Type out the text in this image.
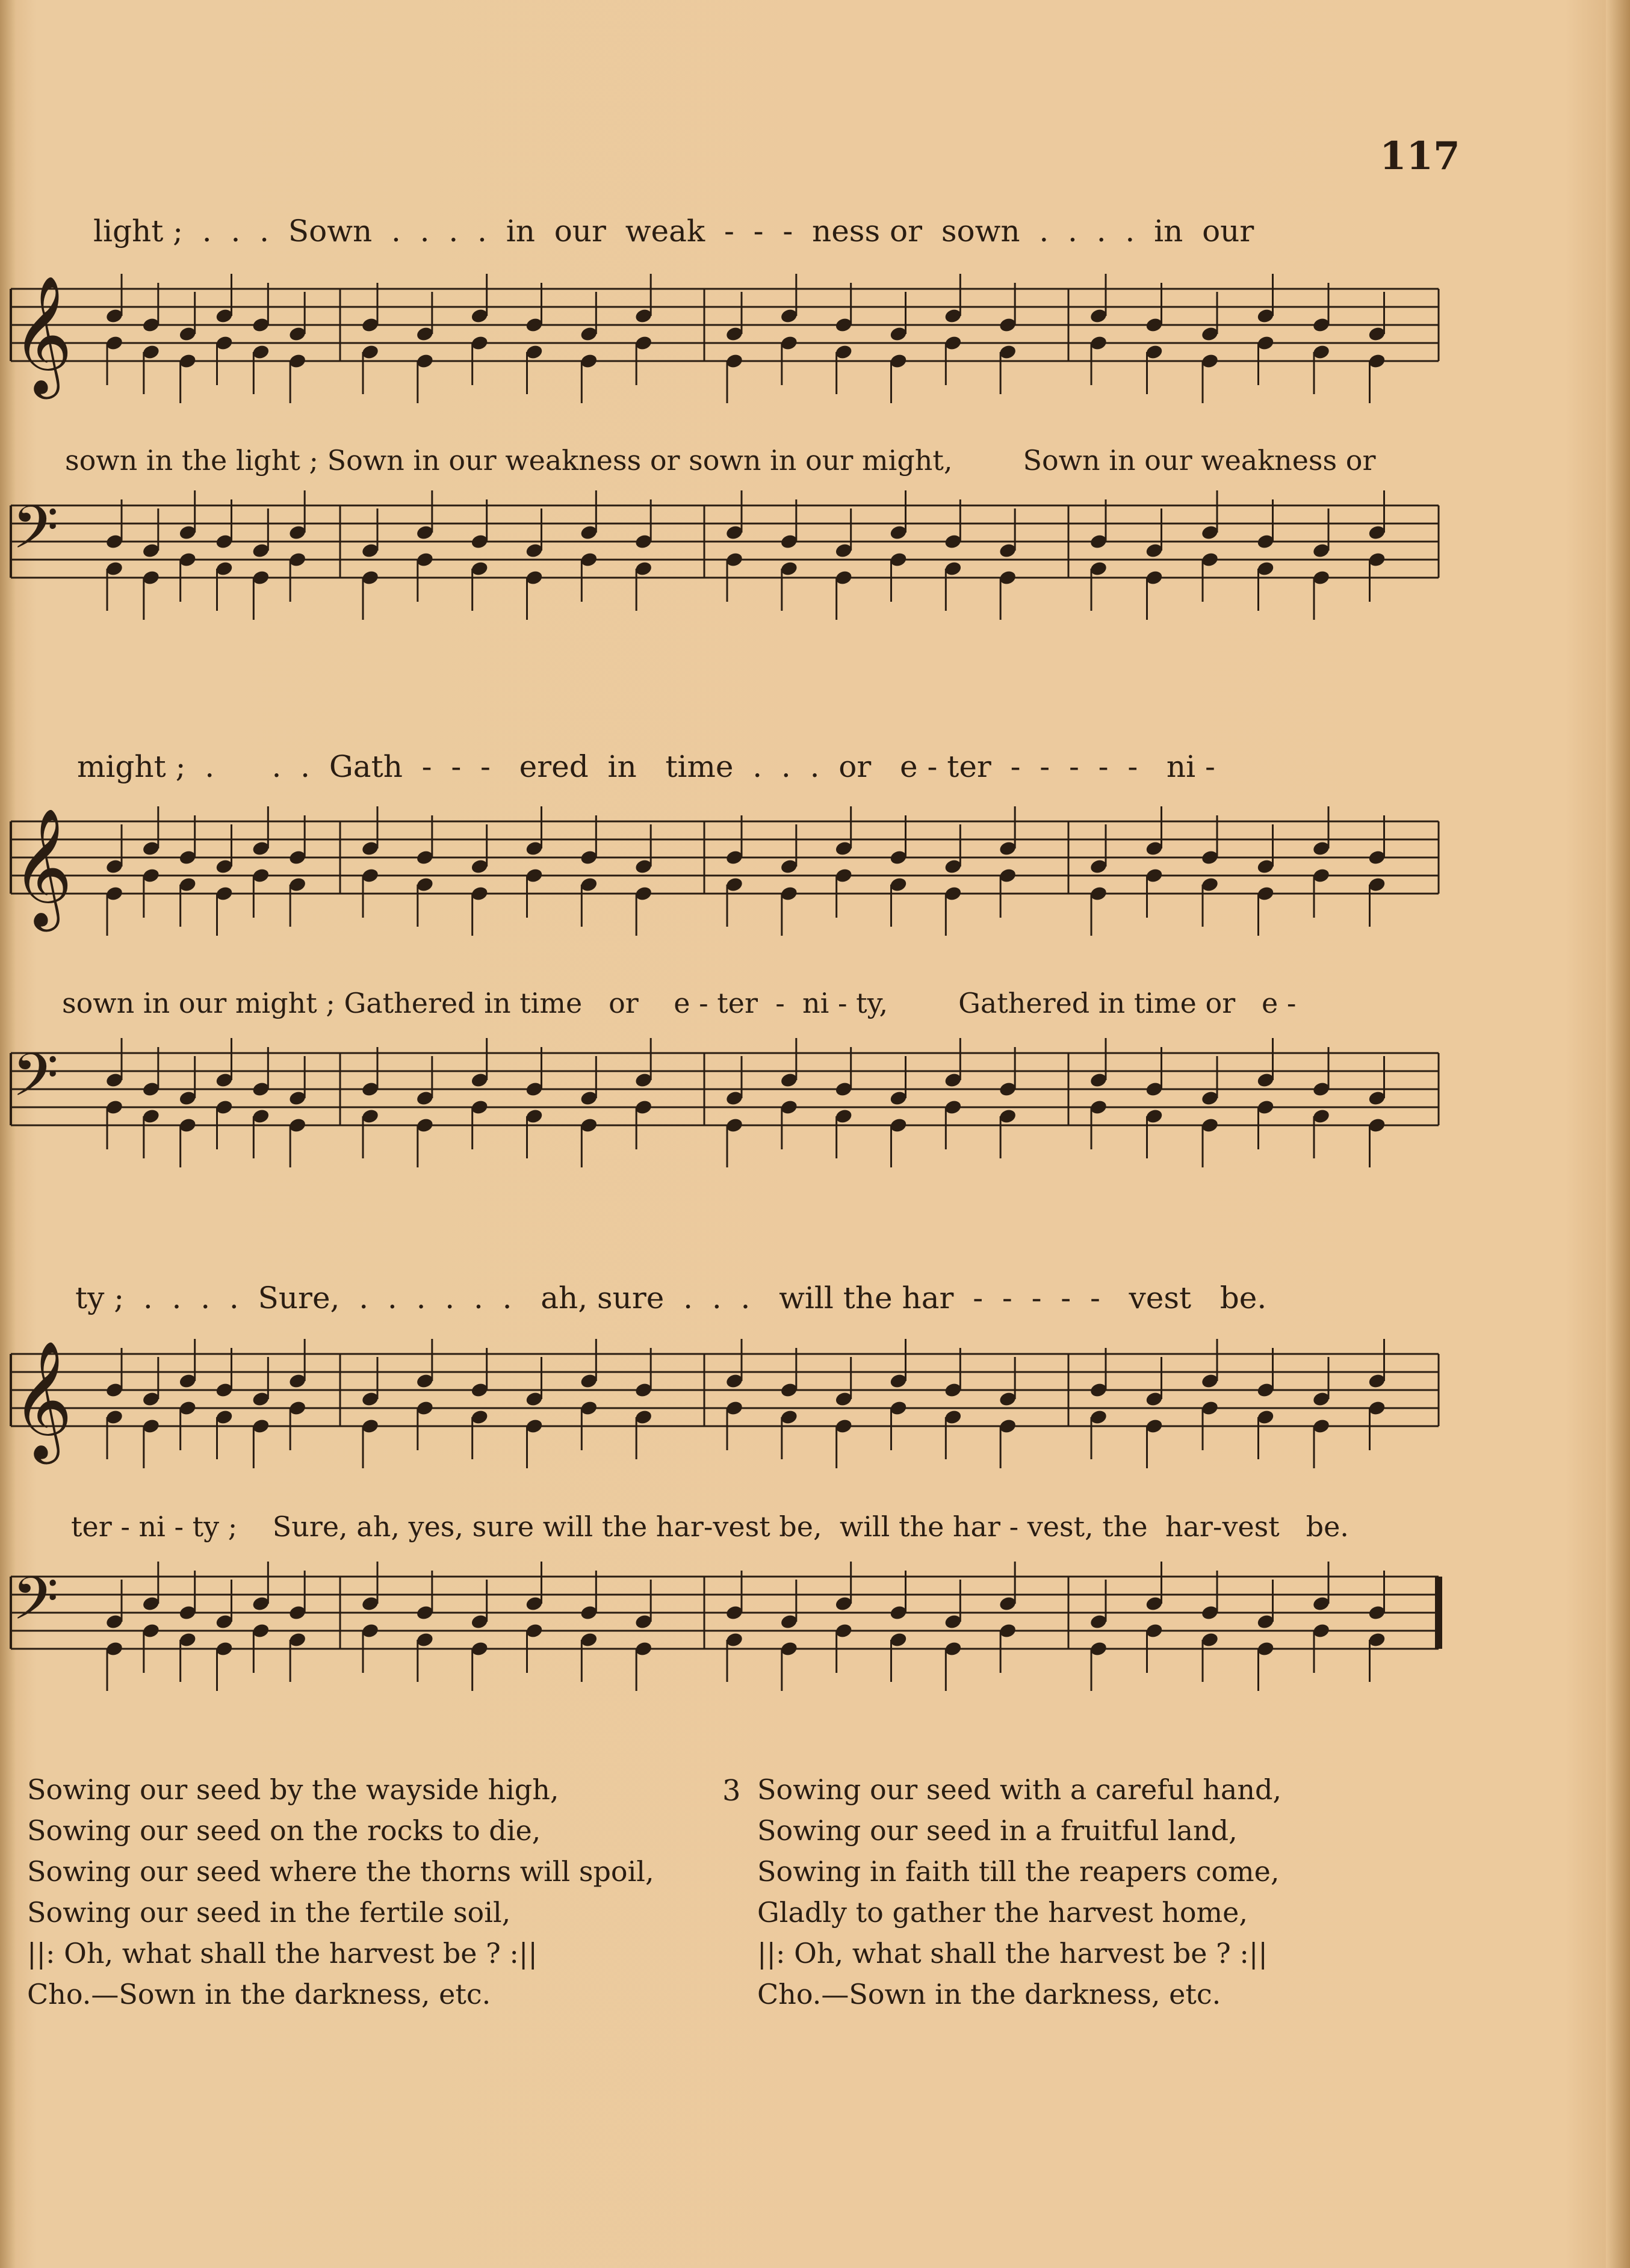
117
light ;  .  .  .  Sown  .  .  .  .  in  our  weak  -  -  -  ness or  sown  .  .  .  .  in  our
𝄞
sown in the light ; Sown in our weakness or sown in our might,        Sown in our weakness or
𝄢
might ;  .      .  .  Gath  -  -  -   ered  in   time  .  .  .  or   e - ter  -  -  -  -  -   ni -
𝄞
sown in our might ; Gathered in time   or    e - ter  -  ni - ty,        Gathered in time or   e -
𝄢
ty ;  .  .  .  .  Sure,  .  .  .  .  .  .   ah, sure  .  .  .   will the har  -  -  -  -  -   vest   be.
𝄞
ter - ni - ty ;    Sure, ah, yes, sure will the har-vest be,  will the har - vest, the  har-vest   be.
𝄢
Sowing our seed by the wayside high,
Sowing our seed on the rocks to die,
Sowing our seed where the thorns will spoil,
Sowing our seed in the fertile soil,
||: Oh, what shall the harvest be ? :||
Cho.—Sown in the darkness, etc.
3 Sowing our seed with a careful hand,
Sowing our seed in a fruitful land,
Sowing in faith till the reapers come,
Gladly to gather the harvest home,
||: Oh, what shall the harvest be ? :||
Cho.—Sown in the darkness, etc.
